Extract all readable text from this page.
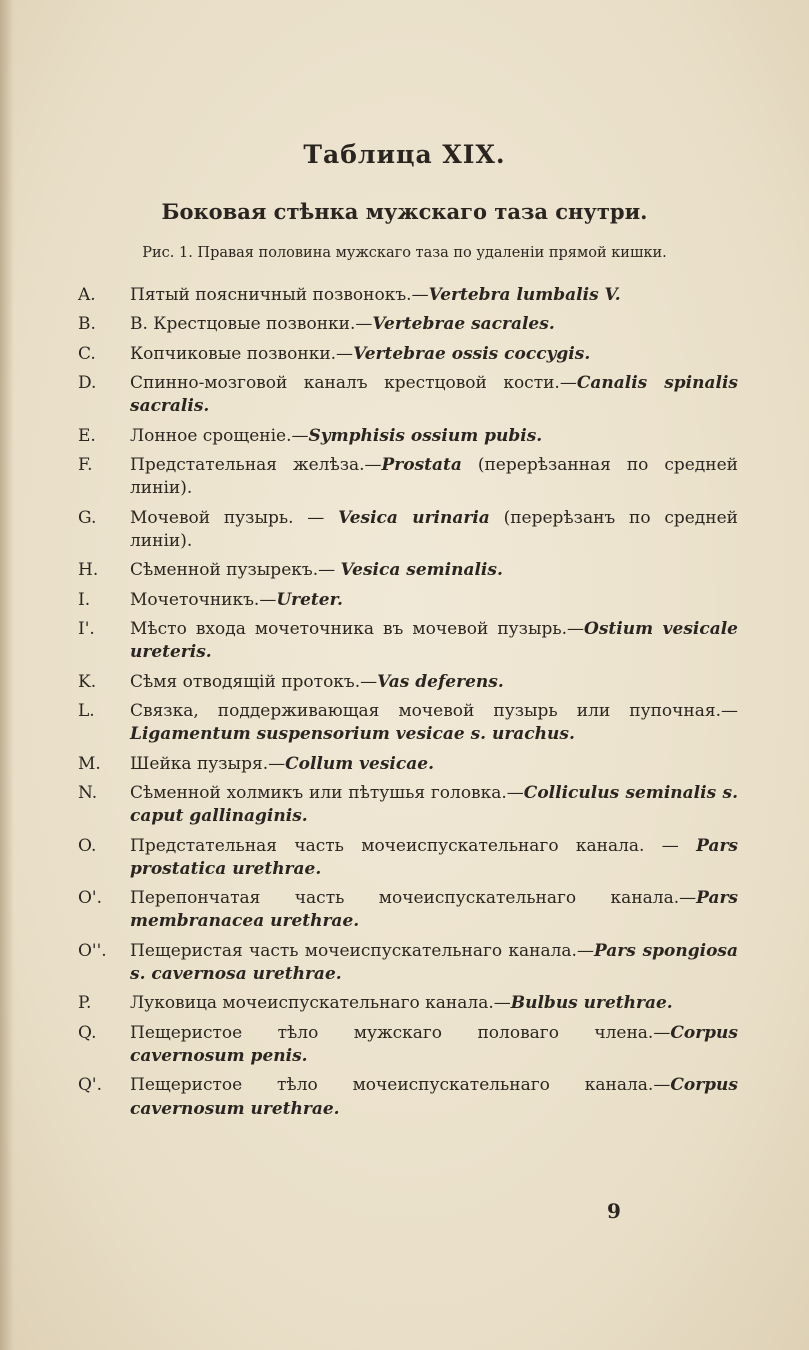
Таблица XIX.
Боковая стѣнка мужскаго таза снутри.
Рис. 1. Правая половина мужскаго таза по удаленіи прямой кишки.
A. Пятый поясничный позвонокъ.—Vertebra lumbalis V.
B. В. Крестцовые позвонки.—Vertebrae sacrales.
C. Копчиковые позвонки.—Vertebrae ossis coccygis.
D. Спинно-мозговой каналъ крестцовой кости.—Canalis spinalis sacralis.
E. Лонное срощеніе.—Symphisis ossium pubis.
F. Предстательная желѣза.—Prostata (перерѣзанная по средней линіи).
G. Мочевой пузырь. — Vesica urinaria (перерѣзанъ по средней линіи).
H. Сѣменной пузырекъ.— Vesica seminalis.
I. Мочеточникъ.—Ureter.
I'. Мѣсто входа мочеточника въ мочевой пузырь.—Ostium vesicale ureteris.
K. Сѣмя отводящій протокъ.—Vas deferens.
L. Связка, поддерживающая мочевой пузырь или пупочная.—Ligamentum suspensorium vesicae s. urachus.
M. Шейка пузыря.—Collum vesicae.
N. Сѣменной холмикъ или пѣтушья головка.—Colliculus seminalis s. caput gallinaginis.
O. Предстательная часть мочеиспускательнаго канала. — Pars prostatica urethrae.
O'. Перепончатая часть мочеиспускательнаго канала.—Pars membranacea urethrae.
O''. Пещеристая часть мочеиспускательнаго канала.—Pars spongiosa s. cavernosa urethrae.
P. Луковица мочеиспускательнаго канала.—Bulbus urethrae.
Q. Пещеристое тѣло мужскаго половаго члена.—Corpus cavernosum penis.
Q'. Пещеристое тѣло мочеиспускательнаго канала.—Corpus cavernosum urethrae.
9
